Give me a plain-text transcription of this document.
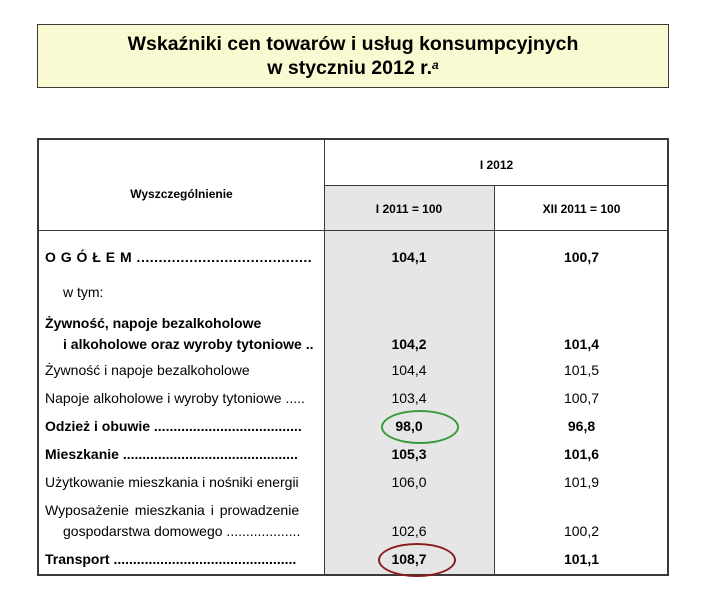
Wskaźniki cen towarów i usług konsumpcyjnych
w styczniu 2012 r.$^a$
Wyszczególnienie
I 2012
I 2011 = 100	XII 2011 = 100
O G Ó Ł E M ........................................	104,1	100,7
w tym:
Żywność, napoje bezalkoholowe
i alkoholowe oraz wyroby tytoniowe ..	104,2	101,4
Żywność i napoje bezalkoholowe	104,4	101,5
Napoje alkoholowe i wyroby tytoniowe .....	103,4	100,7
Odzież i obuwie ......................................	98,0	96,8
Mieszkanie .............................................	105,3	101,6
Użytkowanie mieszkania i nośniki energii	106,0	101,9
Wyposażenie mieszkania i prowadzenie
gospodarstwa domowego ...................	102,6	100,2
Transport ...............................................	108,7	101,1
